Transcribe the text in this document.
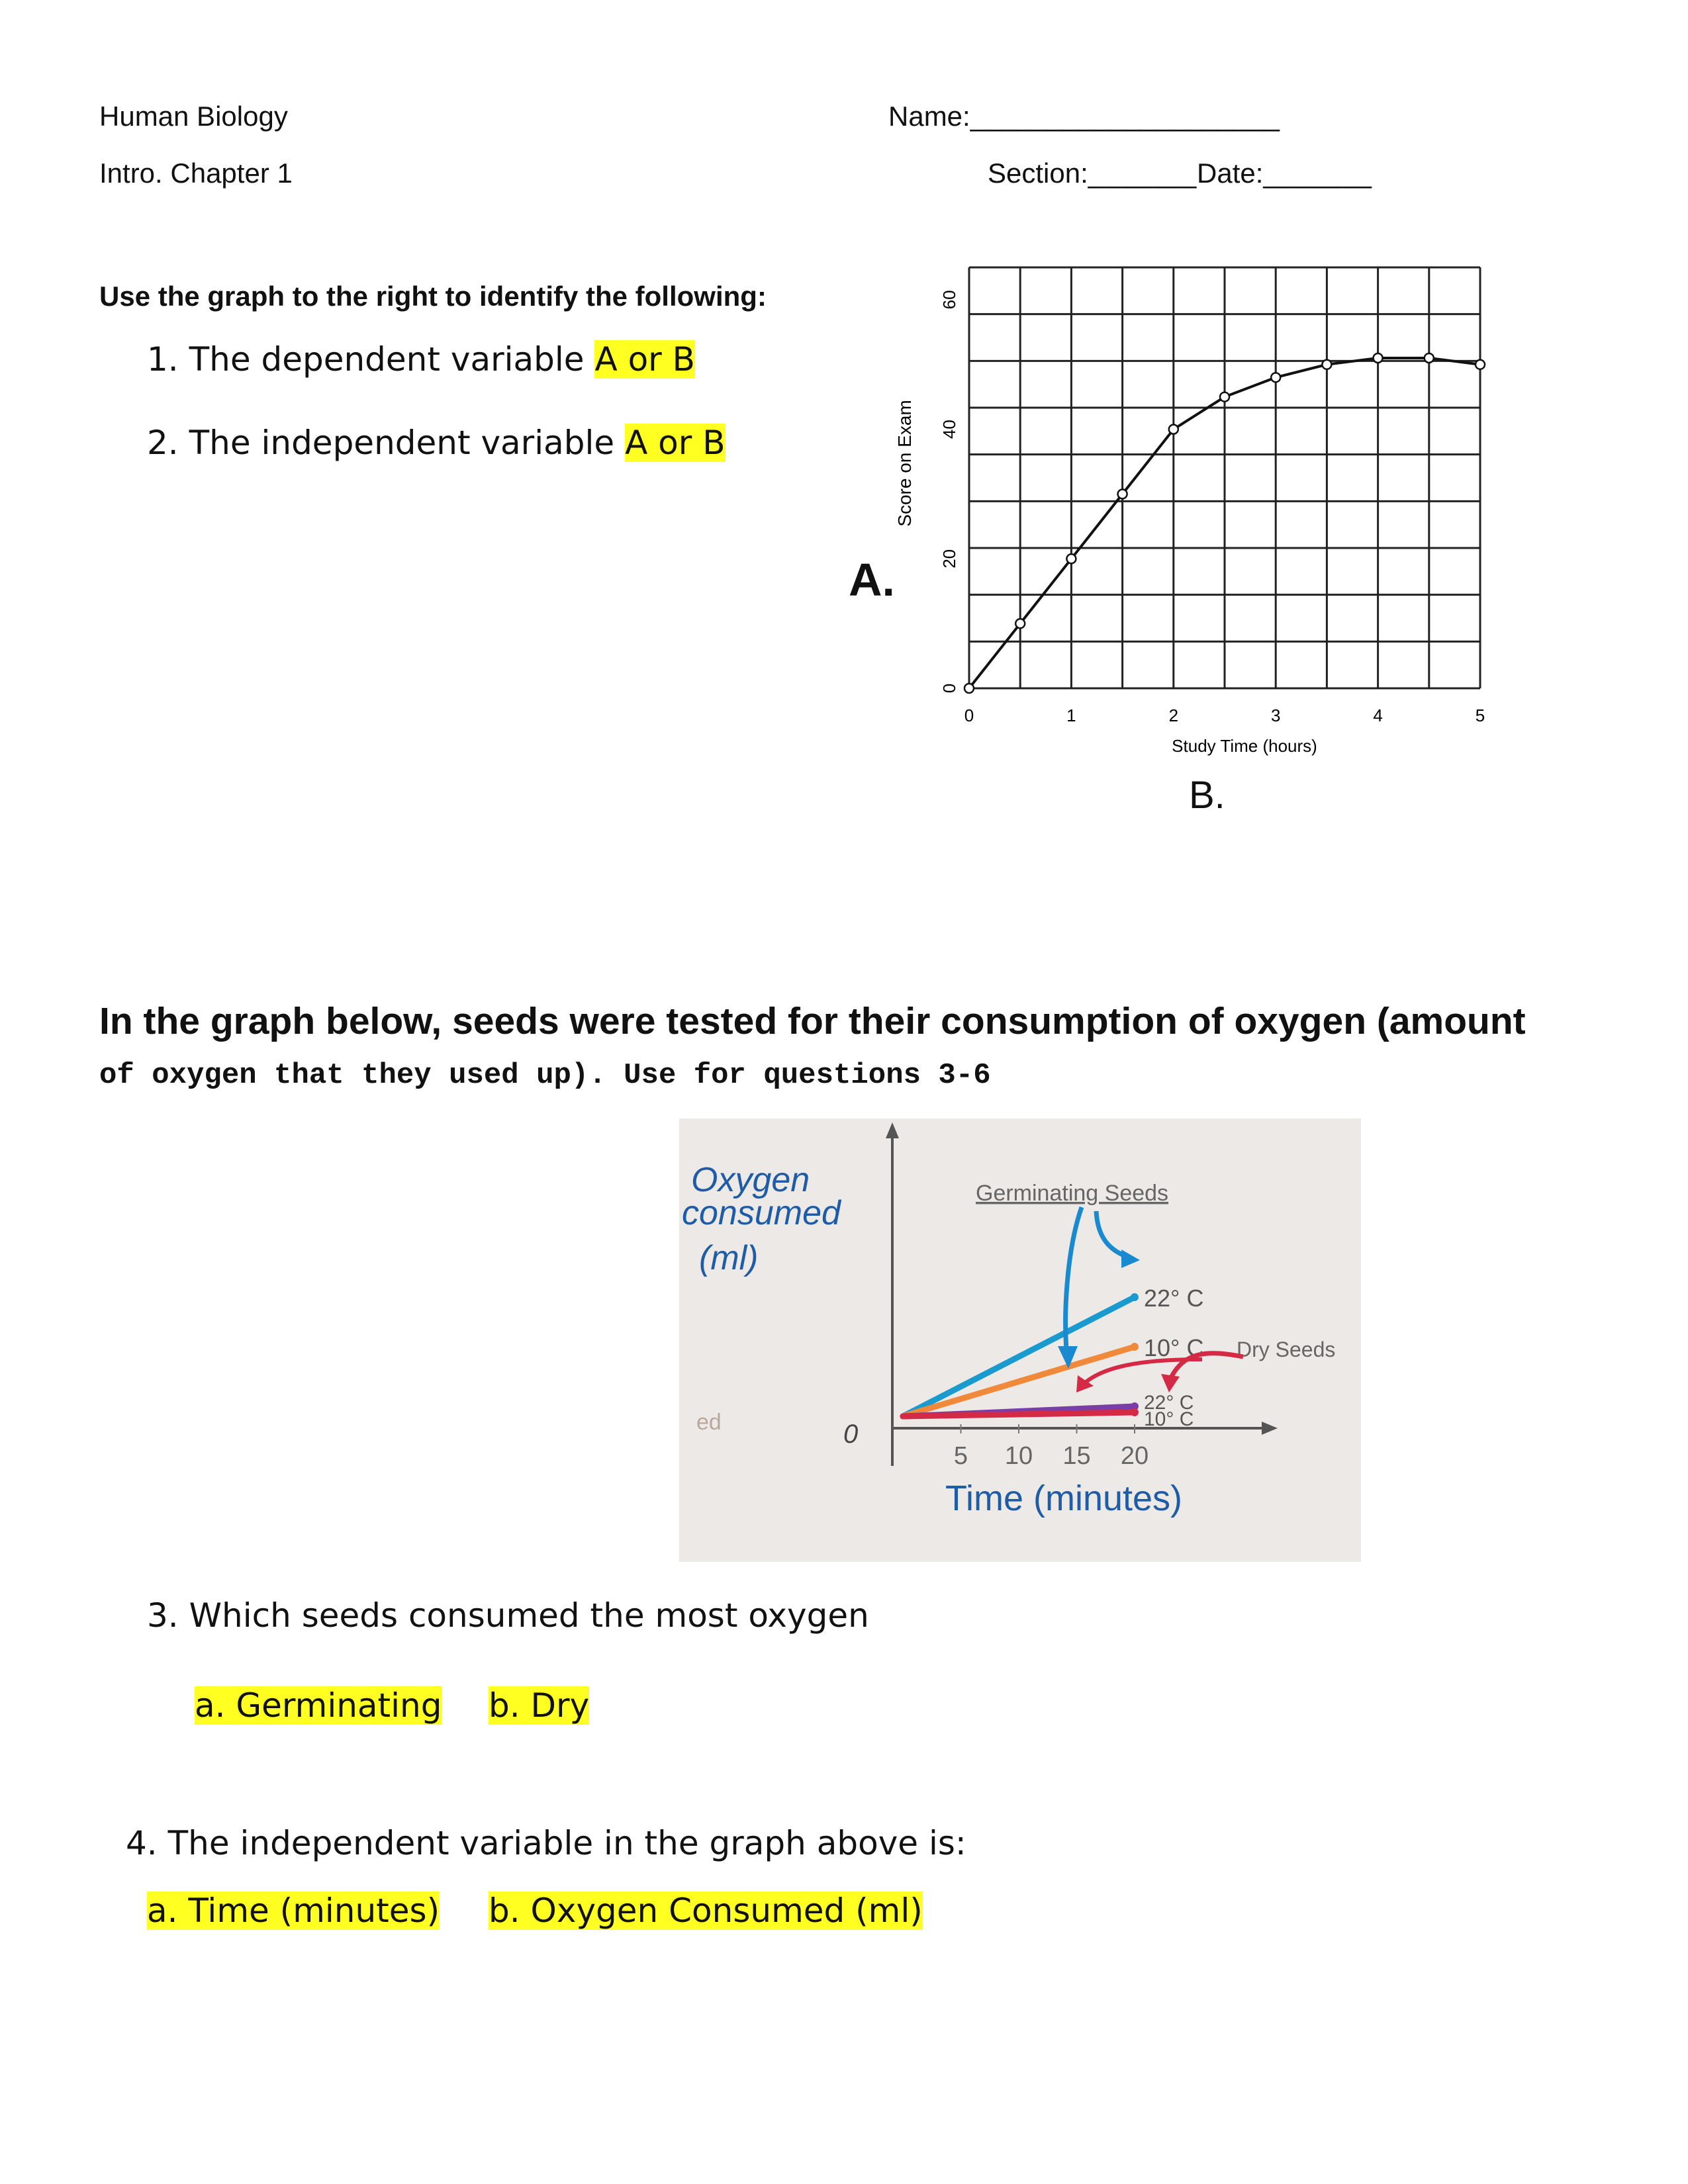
Human Biology
Intro. Chapter 1
Name:____________________
Section:_______ Date:_______
Use the graph to the right to identify the following:
1. The dependent variable A or B
2. The independent variable A or B
A.
B.
0	1	2	3	4	5
0
20
40
60
Study Time (hours)
Score on Exam
In the graph below, seeds were tested for their consumption of oxygen (amount
of oxygen that they used up). Use for questions 3-6
ed
Oxygen
consumed
(ml)
0
5 10 15 20
Time (minutes)
22° C
10° C
22° C
10° C
Germinating Seeds
Dry Seeds
3. Which seeds consumed the most oxygen
a. Germinating b. Dry
4. The independent variable in the graph above is:
a. Time (minutes) b. Oxygen Consumed (ml)
